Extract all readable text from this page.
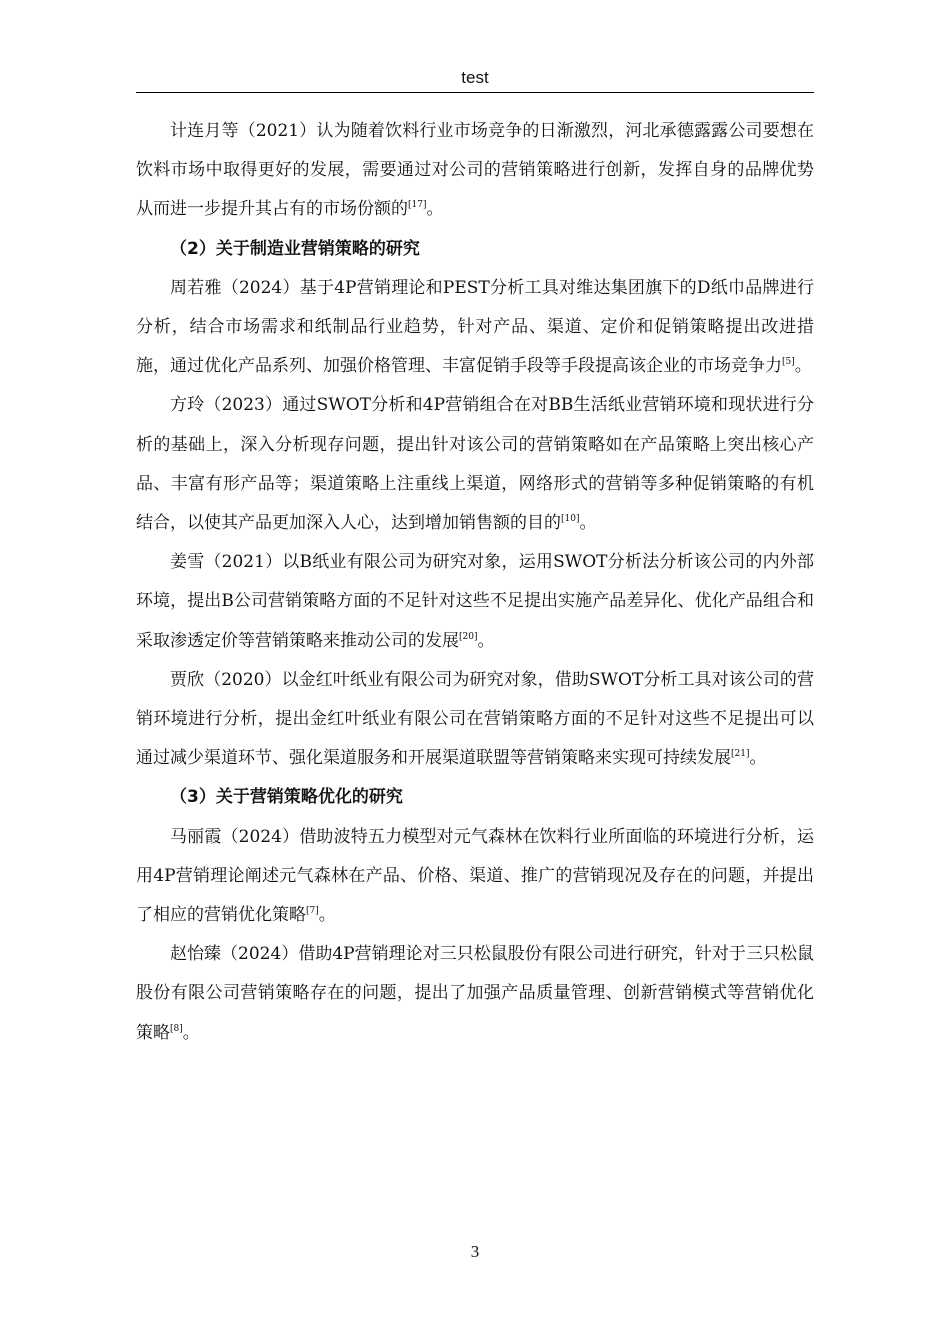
test

计连月等（2021）认为随着饮料行业市场竞争的日渐激烈，河北承德露露公司要想在饮料市场中取得更好的发展，需要通过对公司的营销策略进行创新，发挥自身的品牌优势从而进一步提升其占有的市场份额的[17]。

（2）关于制造业营销策略的研究

周若雅（2024）基于4P营销理论和PEST分析工具对维达集团旗下的D纸巾品牌进行分析，结合市场需求和纸制品行业趋势，针对产品、渠道、定价和促销策略提出改进措施，通过优化产品系列、加强价格管理、丰富促销手段等手段提高该企业的市场竞争力[5]。

方玲（2023）通过SWOT分析和4P营销组合在对BB生活纸业营销环境和现状进行分析的基础上，深入分析现存问题，提出针对该公司的营销策略如在产品策略上突出核心产品、丰富有形产品等；渠道策略上注重线上渠道，网络形式的营销等多种促销策略的有机结合，以使其产品更加深入人心，达到增加销售额的目的[10]。

姜雪（2021）以B纸业有限公司为研究对象，运用SWOT分析法分析该公司的内外部环境，提出B公司营销策略方面的不足针对这些不足提出实施产品差异化、优化产品组合和采取渗透定价等营销策略来推动公司的发展[20]。

贾欣（2020）以金红叶纸业有限公司为研究对象，借助SWOT分析工具对该公司的营销环境进行分析，提出金红叶纸业有限公司在营销策略方面的不足针对这些不足提出可以通过减少渠道环节、强化渠道服务和开展渠道联盟等营销策略来实现可持续发展[21]。

（3）关于营销策略优化的研究

马丽霞（2024）借助波特五力模型对元气森林在饮料行业所面临的环境进行分析，运用4P营销理论阐述元气森林在产品、价格、渠道、推广的营销现况及存在的问题，并提出了相应的营销优化策略[7]。

赵怡臻（2024）借助4P营销理论对三只松鼠股份有限公司进行研究，针对于三只松鼠股份有限公司营销策略存在的问题，提出了加强产品质量管理、创新营销模式等营销优化策略[8]。

3
